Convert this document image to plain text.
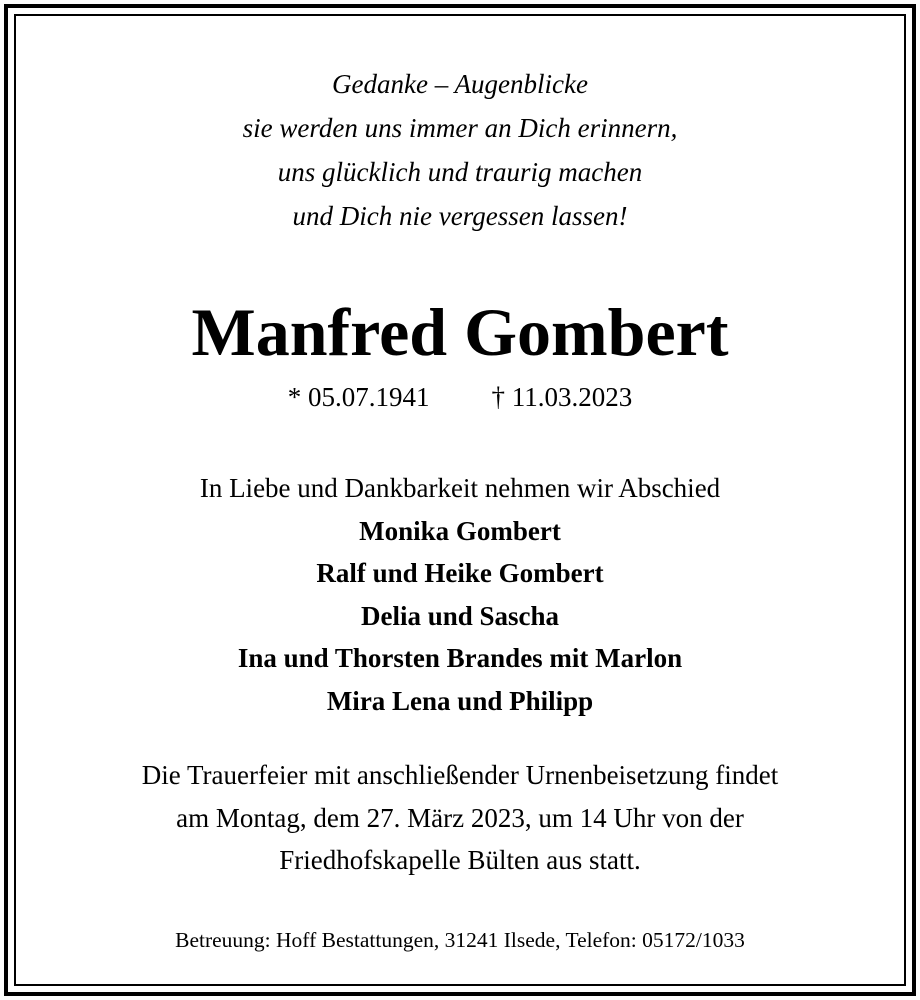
Gedanke – Augenblicke
sie werden uns immer an Dich erinnern,
uns glücklich und traurig machen
und Dich nie vergessen lassen!
Manfred Gombert
* 05.07.1941 † 11.03.2023
In Liebe und Dankbarkeit nehmen wir Abschied
Monika Gombert
Ralf und Heike Gombert
Delia und Sascha
Ina und Thorsten Brandes mit Marlon
Mira Lena und Philipp
Die Trauerfeier mit anschließender Urnenbeisetzung findet
am Montag, dem 27. März 2023, um 14 Uhr von der
Friedhofskapelle Bülten aus statt.
Betreuung: Hoff Bestattungen, 31241 Ilsede, Telefon: 05172/1033
